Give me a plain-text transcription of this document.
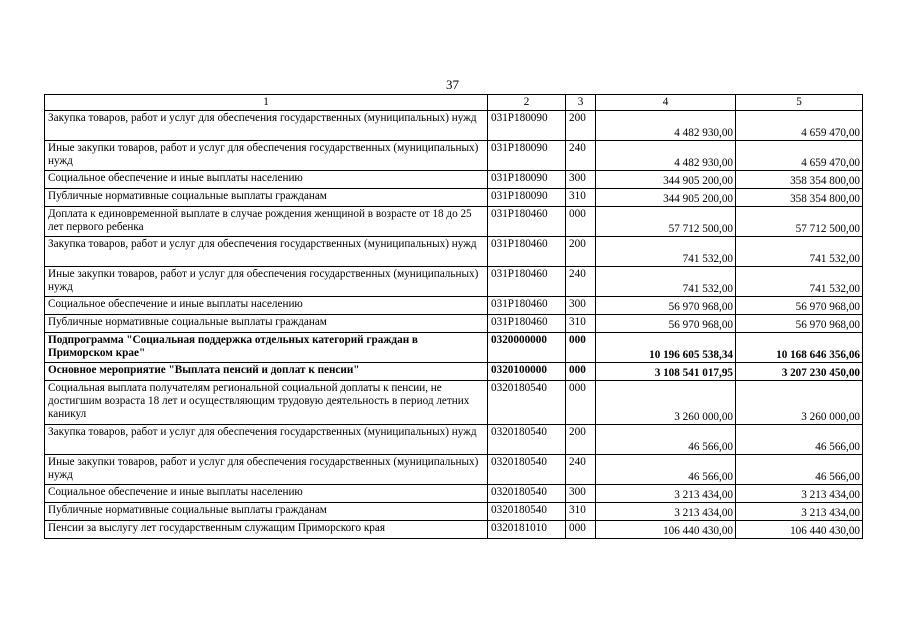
37
1	2	3	4	5
Закупка товаров, работ и услуг для обеспечения государственных (муниципальных) нужд	031P180090	200	4 482 930,00	4 659 470,00
Иные закупки товаров, работ и услуг для обеспечения государственных (муниципальных) нужд	031P180090	240	4 482 930,00	4 659 470,00
Социальное обеспечение и иные выплаты населению	031P180090	300	344 905 200,00	358 354 800,00
Публичные нормативные социальные выплаты гражданам	031P180090	310	344 905 200,00	358 354 800,00
Доплата к единовременной выплате в случае рождения женщиной в возрасте от 18 до 25 лет первого ребенка	031P180460	000	57 712 500,00	57 712 500,00
Закупка товаров, работ и услуг для обеспечения государственных (муниципальных) нужд	031P180460	200	741 532,00	741 532,00
Иные закупки товаров, работ и услуг для обеспечения государственных (муниципальных) нужд	031P180460	240	741 532,00	741 532,00
Социальное обеспечение и иные выплаты населению	031P180460	300	56 970 968,00	56 970 968,00
Публичные нормативные социальные выплаты гражданам	031P180460	310	56 970 968,00	56 970 968,00
Подпрограмма "Социальная поддержка отдельных категорий граждан в Приморском крае"	0320000000	000	10 196 605 538,34	10 168 646 356,06
Основное мероприятие "Выплата пенсий и доплат к пенсии"	0320100000	000	3 108 541 017,95	3 207 230 450,00
Социальная выплата получателям региональной социальной доплаты к пенсии, не достигшим возраста 18 лет и осуществляющим трудовую деятельность в период летних каникул	0320180540	000	3 260 000,00	3 260 000,00
Закупка товаров, работ и услуг для обеспечения государственных (муниципальных) нужд	0320180540	200	46 566,00	46 566,00
Иные закупки товаров, работ и услуг для обеспечения государственных (муниципальных) нужд	0320180540	240	46 566,00	46 566,00
Социальное обеспечение и иные выплаты населению	0320180540	300	3 213 434,00	3 213 434,00
Публичные нормативные социальные выплаты гражданам	0320180540	310	3 213 434,00	3 213 434,00
Пенсии за выслугу лет государственным служащим Приморского края	0320181010	000	106 440 430,00	106 440 430,00
